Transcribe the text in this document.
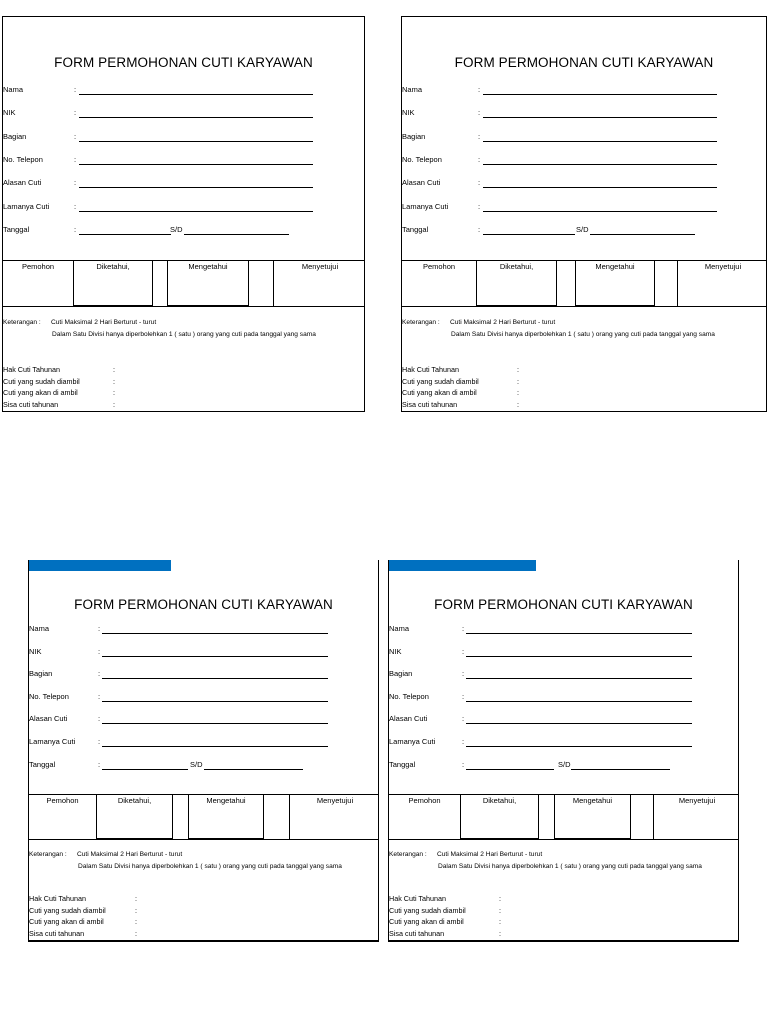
FORM PERMOHONAN CUTI KARYAWAN
Nama	:
NIK	:
Bagian	:
No. Telepon	:
Alasan Cuti	:
Lamanya Cuti	:
Tanggal	:	S/D
Pemohon	Diketahui,	Mengetahui	Menyetujui
Keterangan : Cuti Maksimal 2 Hari Berturut - turut
Dalam Satu Divisi hanya diperbolehkan 1 ( satu ) orang yang cuti pada tanggal yang sama
Hak Cuti Tahunan	:
Cuti yang sudah diambil	:
Cuti yang akan di ambil	:
Sisa cuti tahunan	:
FORM PERMOHONAN CUTI KARYAWAN
Nama	:
NIK	:
Bagian	:
No. Telepon	:
Alasan Cuti	:
Lamanya Cuti	:
Tanggal	:	S/D
Pemohon	Diketahui,	Mengetahui	Menyetujui
Keterangan : Cuti Maksimal 2 Hari Berturut - turut
Dalam Satu Divisi hanya diperbolehkan 1 ( satu ) orang yang cuti pada tanggal yang sama
Hak Cuti Tahunan	:
Cuti yang sudah diambil	:
Cuti yang akan di ambil	:
Sisa cuti tahunan	:
FORM PERMOHONAN CUTI KARYAWAN
Nama	:
NIK	:
Bagian	:
No. Telepon	:
Alasan Cuti	:
Lamanya Cuti	:
Tanggal	:	S/D
Pemohon	Diketahui,	Mengetahui	Menyetujui
Keterangan : Cuti Maksimal 2 Hari Berturut - turut
Dalam Satu Divisi hanya diperbolehkan 1 ( satu ) orang yang cuti pada tanggal yang sama
Hak Cuti Tahunan	:
Cuti yang sudah diambil	:
Cuti yang akan di ambil	:
Sisa cuti tahunan	:
FORM PERMOHONAN CUTI KARYAWAN
Nama	:
NIK	:
Bagian	:
No. Telepon	:
Alasan Cuti	:
Lamanya Cuti	:
Tanggal	:	S/D
Pemohon	Diketahui,	Mengetahui	Menyetujui
Keterangan : Cuti Maksimal 2 Hari Berturut - turut
Dalam Satu Divisi hanya diperbolehkan 1 ( satu ) orang yang cuti pada tanggal yang sama
Hak Cuti Tahunan	:
Cuti yang sudah diambil	:
Cuti yang akan di ambil	:
Sisa cuti tahunan	:
